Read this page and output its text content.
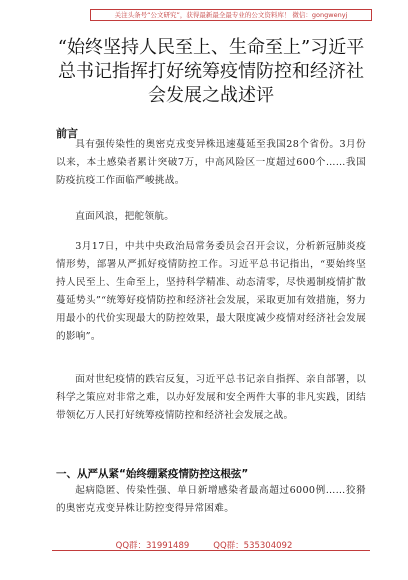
关注头条号“公文研究”，获得最新最全最专业的公文资料库！ 微信：gongwenyj
“始终坚持人民至上、生命至上”习近平总书记指挥打好统筹疫情防控和经济社会发展之战述评
前言

具有强传染性的奥密克戎变异株迅速蔓延至我国28个省份。3月份以来，本土感染者累计突破7万，中高风险区一度超过600个……我国防疫抗疫工作面临严峻挑战。

直面风浪，把舵领航。

3月17日，中共中央政治局常务委员会召开会议，分析新冠肺炎疫情形势，部署从严抓好疫情防控工作。习近平总书记指出，“要始终坚持人民至上、生命至上，坚持科学精准、动态清零，尽快遏制疫情扩散蔓延势头”“统筹好疫情防控和经济社会发展，采取更加有效措施，努力用最小的代价实现最大的防控效果，最大限度减少疫情对经济社会发展的影响”。

面对世纪疫情的跌宕反复，习近平总书记亲自指挥、亲自部署，以科学之策应对非常之难，以办好发展和安全两件大事的非凡实践，团结带领亿万人民打好统筹疫情防控和经济社会发展之战。

一、从严从紧“始终绷紧疫情防控这根弦”

起病隐匿、传染性强、单日新增感染者最高超过6000例……狡猾的奥密克戎变异株让防控变得异常困难。

QQ群：31991489	QQ群：535304092
